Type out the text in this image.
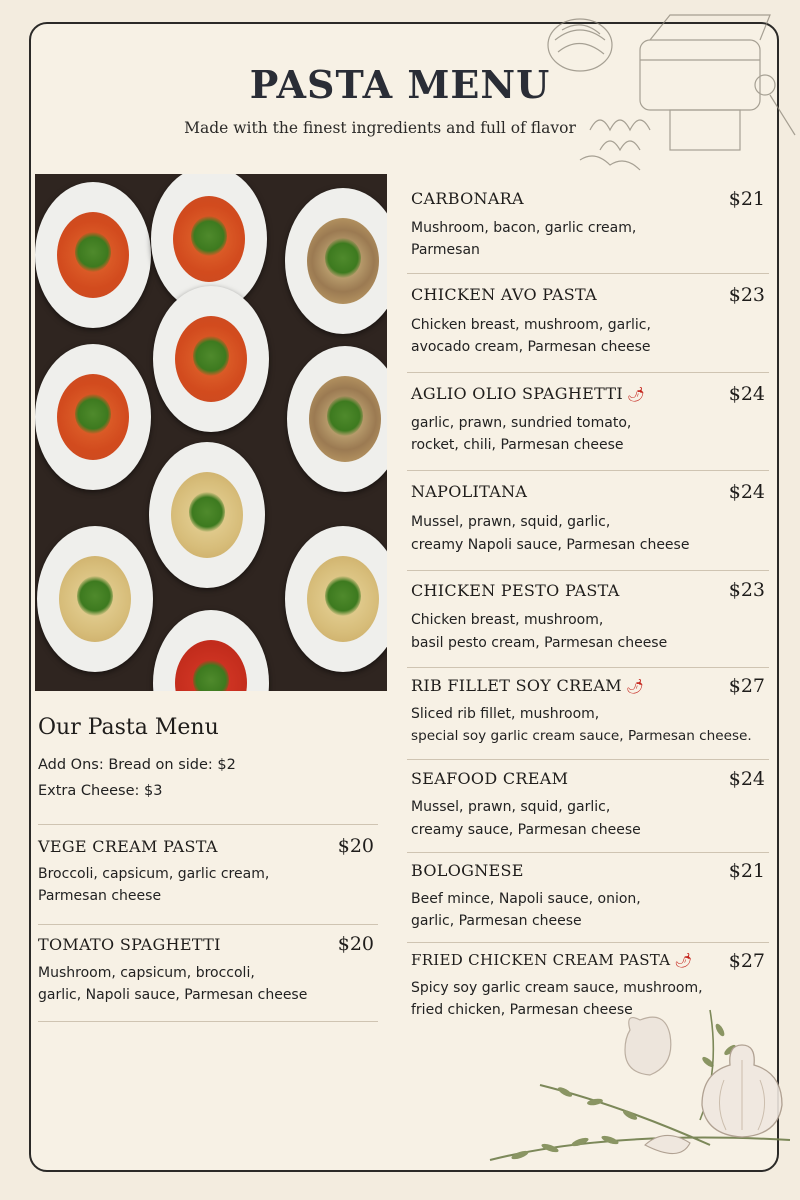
PASTA MENU
Made with the finest ingredients and full of flavor
Our Pasta Menu
Add Ons: Bread on side: $2
Extra Cheese: $3
VEGE CREAM PASTA	$20
Broccoli, capsicum, garlic cream,
Parmesan cheese
TOMATO SPAGHETTI	$20
Mushroom, capsicum, broccoli,
garlic, Napoli sauce, Parmesan cheese
CARBONARA	$21
Mushroom, bacon, garlic cream,
Parmesan
CHICKEN AVO PASTA	$23
Chicken breast, mushroom, garlic,
avocado cream, Parmesan cheese
AGLIO OLIO SPAGHETTI 🌶	$24
garlic, prawn, sundried tomato,
rocket, chili, Parmesan cheese
NAPOLITANA	$24
Mussel, prawn, squid, garlic,
creamy Napoli sauce, Parmesan cheese
CHICKEN PESTO PASTA	$23
Chicken breast, mushroom,
basil pesto cream, Parmesan cheese
RIB FILLET SOY CREAM 🌶	$27
Sliced rib fillet, mushroom,
special soy garlic cream sauce, Parmesan cheese.
SEAFOOD CREAM	$24
Mussel, prawn, squid, garlic,
creamy sauce, Parmesan cheese
BOLOGNESE	$21
Beef mince, Napoli sauce, onion,
garlic, Parmesan cheese
FRIED CHICKEN CREAM PASTA 🌶	$27
Spicy soy garlic cream sauce, mushroom,
fried chicken, Parmesan cheese
